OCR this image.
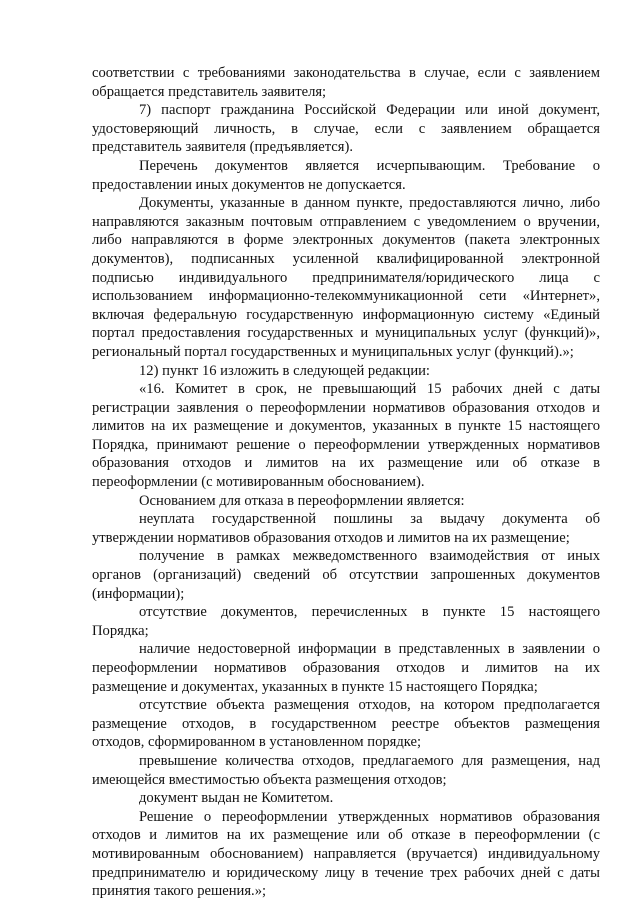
соответствии с требованиями законодательства в случае, если с заявлением
обращается представитель заявителя;
7) паспорт гражданина Российской Федерации или иной документ,
удостоверяющий личность, в случае, если с заявлением обращается
представитель заявителя (предъявляется).
Перечень документов является исчерпывающим. Требование о
предоставлении иных документов не допускается.
Документы, указанные в данном пункте, предоставляются лично, либо
направляются заказным почтовым отправлением с уведомлением о вручении,
либо направляются в форме электронных документов (пакета электронных
документов), подписанных усиленной квалифицированной электронной
подписью индивидуального предпринимателя/юридического лица с
использованием информационно-телекоммуникационной сети «Интернет»,
включая федеральную государственную информационную систему «Единый
портал предоставления государственных и муниципальных услуг (функций)»,
региональный портал государственных и муниципальных услуг (функций).»;
12) пункт 16 изложить в следующей редакции:
«16. Комитет в срок, не превышающий 15 рабочих дней с даты
регистрации заявления о переоформлении нормативов образования отходов и
лимитов на их размещение и документов, указанных в пункте 15 настоящего
Порядка, принимают решение о переоформлении утвержденных нормативов
образования отходов и лимитов на их размещение или об отказе в
переоформлении (с мотивированным обоснованием).
Основанием для отказа в переоформлении является:
неуплата государственной пошлины за выдачу документа об
утверждении нормативов образования отходов и лимитов на их размещение;
получение в рамках межведомственного взаимодействия от иных
органов (организаций) сведений об отсутствии запрошенных документов
(информации);
отсутствие документов, перечисленных в пункте 15 настоящего
Порядка;
наличие недостоверной информации в представленных в заявлении о
переоформлении нормативов образования отходов и лимитов на их
размещение и документах, указанных в пункте 15 настоящего Порядка;
отсутствие объекта размещения отходов, на котором предполагается
размещение отходов, в государственном реестре объектов размещения
отходов, сформированном в установленном порядке;
превышение количества отходов, предлагаемого для размещения, над
имеющейся вместимостью объекта размещения отходов;
документ выдан не Комитетом.
Решение о переоформлении утвержденных нормативов образования
отходов и лимитов на их размещение или об отказе в переоформлении (с
мотивированным обоснованием) направляется (вручается) индивидуальному
предпринимателю и юридическому лицу в течение трех рабочих дней с даты
принятия такого решения.»;
